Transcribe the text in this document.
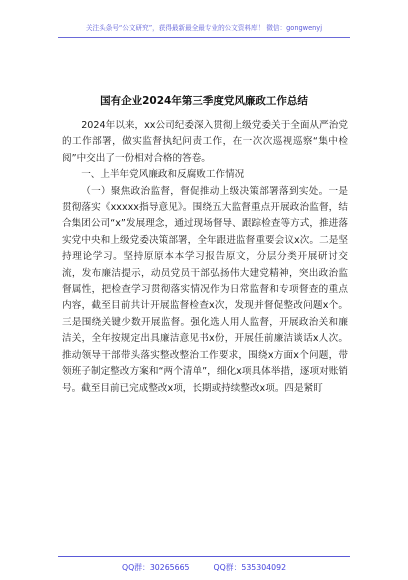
关注头条号“公文研究”，获得最新最全最专业的公文资料库！ 微信：gongwenyj
国有企业2024年第三季度党风廉政工作总结

2024年以来，xx公司纪委深入贯彻上级党委关于全面从严治党的工作部署，做实监督执纪问责工作，在一次次巡视巡察“集中检阅”中交出了一份相对合格的答卷。

一、上半年党风廉政和反腐败工作情况

（一）聚焦政治监督，督促推动上级决策部署落到实处。一是贯彻落实《xxxxx指导意见》。围绕五大监督重点开展政治监督，结合集团公司“x”发展理念，通过现场督导、跟踪检查等方式，推进落实党中央和上级党委决策部署，全年跟进监督重要会议x次。二是坚持理论学习。坚持原原本本学习报告原文，分层分类开展研讨交流，发布廉洁提示，动员党员干部弘扬伟大建党精神，突出政治监督属性，把检查学习贯彻落实情况作为日常监督和专项督查的重点内容，截至目前共计开展监督检查x次，发现并督促整改问题x个。三是围绕关键少数开展监督。强化选人用人监督，开展政治关和廉洁关，全年按规定出具廉洁意见书x份，开展任前廉洁谈话x人次。推动领导干部带头落实整改整治工作要求，围绕x方面x个问题，带领班子制定整改方案和“两个清单”，细化x项具体举措，逐项对账销号。截至目前已完成整改x项，长期或持续整改x项。四是紧盯

QQ群：30265665	QQ群：535304092
